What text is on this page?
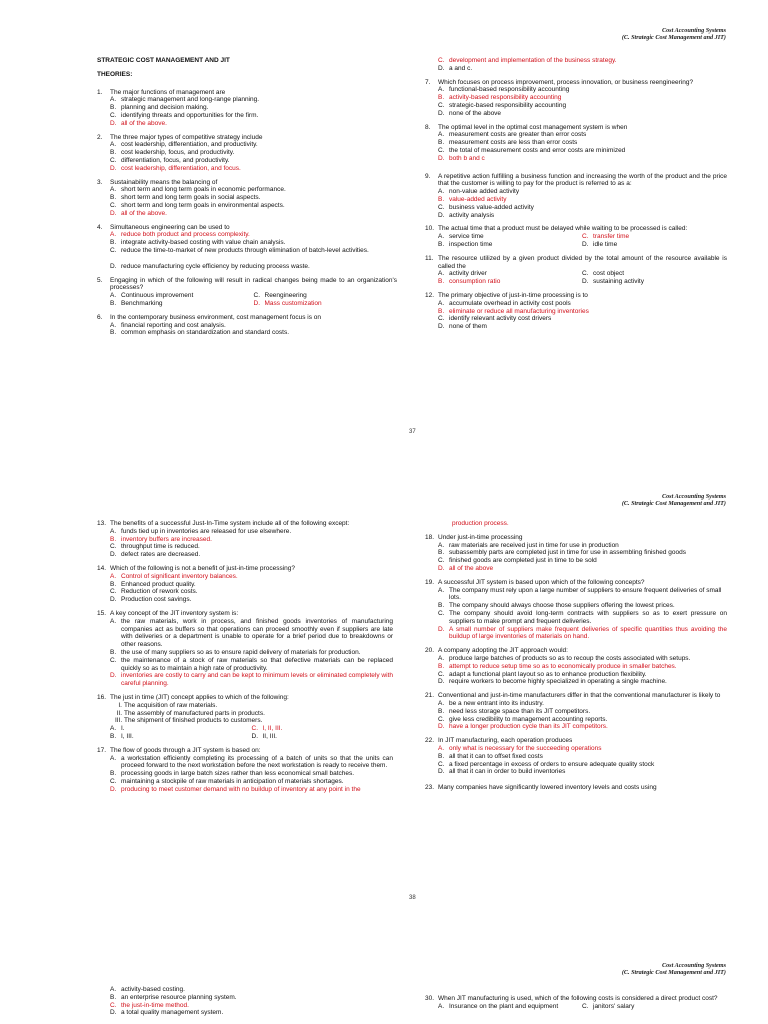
Cost Accounting Systems
(C. Strategic Cost Management and JIT)
STRATEGIC COST MANAGEMENT AND JIT
THEORIES:
1.	The major functions of management are
A. strategic management and long-range planning.
B. planning and decision making.
C. identifying threats and opportunities for the firm.
D. all of the above.
2.	The three major types of competitive strategy include
A. cost leadership, differentiation, and productivity.
B. cost leadership, focus, and productivity.
C. differentiation, focus, and productivity.
D. cost leadership, differentiation, and focus.
3.	Sustainability means the balancing of
A. short term and long term goals in economic performance.
B. short term and long term goals in social aspects.
C. short term and long term goals in environmental aspects.
D. all of the above.
4.	Simultaneous engineering can be used to
A. reduce both product and process complexity.
B. integrate activity-based costing with value chain analysis.
C. reduce the time-to-market of new products through elimination of batch-level activities.
D. reduce manufacturing cycle efficiency by reducing process waste.
5.	Engaging in which of the following will result in radical changes being made to an organization's processes?
A. Continuous improvement	C. Reengineering
B. Benchmarking	D. Mass customization
6.	In the contemporary business environment, cost management focus is on
A. financial reporting and cost analysis.
B. common emphasis on standardization and standard costs.
C. development and implementation of the business strategy.
D. a and c.
7.	Which focuses on process improvement, process innovation, or business reengineering?
A. functional-based responsibility accounting
B. activity-based responsibility accounting
C. strategic-based responsibility accounting
D. none of the above
8.	The optimal level in the optimal cost management system is when
A. measurement costs are greater than error costs
B. measurement costs are less than error costs
C. the total of measurement costs and error costs are minimized
D. both b and c
9.	A repetitive action fulfilling a business function and increasing the worth of the product and the price that the customer is willing to pay for the product is referred to as a:
A. non-value added activity
B. value-added activity
C. business value-added activity
D. activity analysis
10. The actual time that a product must be delayed while waiting to be processed is called:
A. service time	C. transfer time
B. inspection time	D. idle time
11. The resource utilized by a given product divided by the total amount of the resource available is called the
A. activity driver	C. cost object
B. consumption ratio	D. sustaining activity
12. The primary objective of just-in-time processing is to
A. accumulate overhead in activity cost pools
B. eliminate or reduce all manufacturing inventories
C. identify relevant activity cost drivers
D. none of them
37
Cost Accounting Systems
(C. Strategic Cost Management and JIT)
13. The benefits of a successful Just-In-Time system include all of the following except:
A. funds tied up in inventories are released for use elsewhere.
B. inventory buffers are increased.
C. throughput time is reduced.
D. defect rates are decreased.
14. Which of the following is not a benefit of just-in-time processing?
A. Control of significant inventory balances.
B. Enhanced product quality.
C. Reduction of rework costs.
D. Production cost savings.
15. A key concept of the JIT inventory system is:
A. the raw materials, work in process, and finished goods inventories of manufacturing companies act as buffers so that operations can proceed smoothly even if suppliers are late with deliveries or a department is unable to operate for a brief period due to breakdowns or other reasons.
B. the use of many suppliers so as to ensure rapid delivery of materials for production.
C. the maintenance of a stock of raw materials so that defective materials can be replaced quickly so as to maintain a high rate of productivity.
D. inventories are costly to carry and can be kept to minimum levels or eliminated completely with careful planning.
16. The just in time (JIT) concept applies to which of the following:
I. The acquisition of raw materials.
II. The assembly of manufactured parts in products.
III. The shipment of finished products to customers.
A. I.	C. I, II, III.
B. I, III.	D. II, III.
17. The flow of goods through a JIT system is based on:
A. a workstation efficiently completing its processing of a batch of units so that the units can proceed forward to the next workstation before the next workstation is ready to receive them.
B. processing goods in large batch sizes rather than less economical small batches.
C. maintaining a stockpile of raw materials in anticipation of materials shortages.
D. producing to meet customer demand with no buildup of inventory at any point in the
production process.
18. Under just-in-time processing
A. raw materials are received just in time for use in production
B. subassembly parts are completed just in time for use in assembling finished goods
C. finished goods are completed just in time to be sold
D. all of the above
19. A successful JIT system is based upon which of the following concepts?
A. The company must rely upon a large number of suppliers to ensure frequent deliveries of small lots.
B. The company should always choose those suppliers offering the lowest prices.
C. The company should avoid long-term contracts with suppliers so as to exert pressure on suppliers to make prompt and frequent deliveries.
D. A small number of suppliers make frequent deliveries of specific quantities thus avoiding the buildup of large inventories of materials on hand.
20. A company adopting the JIT approach would:
A. produce large batches of products so as to recoup the costs associated with setups.
B. attempt to reduce setup time so as to economically produce in smaller batches.
C. adapt a functional plant layout so as to enhance production flexibility.
D. require workers to become highly specialized in operating a single machine.
21. Conventional and just-in-time manufacturers differ in that the conventional manufacturer is likely to
A. be a new entrant into its industry.
B. need less storage space than its JIT competitors.
C. give less credibility to management accounting reports.
D. have a longer production cycle than its JIT competitors.
22. In JIT manufacturing, each operation produces
A. only what is necessary for the succeeding operations
B. all that it can to offset fixed costs
C. a fixed percentage in excess of orders to ensure adequate quality stock
D. all that it can in order to build inventories
23. Many companies have significantly lowered inventory levels and costs using
38
Cost Accounting Systems
(C. Strategic Cost Management and JIT)
A. activity-based costing.
B. an enterprise resource planning system.
C. the just-in-time method.
D. a total quality management system.
30. When JIT manufacturing is used, which of the following costs is considered a direct product cost?
A. Insurance on the plant and equipment	C. janitors' salary
